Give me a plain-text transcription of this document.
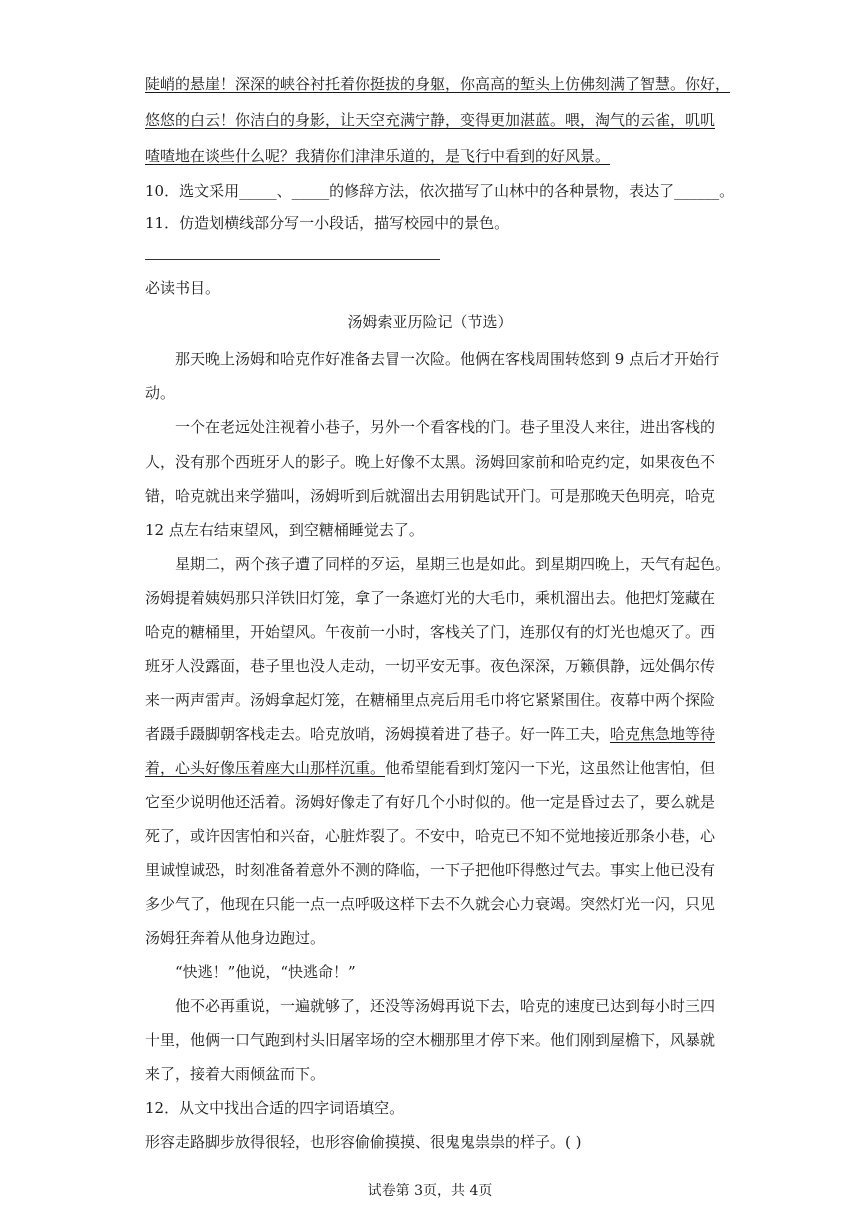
陡峭的悬崖！深深的峡谷衬托着你挺拔的身躯，你高高的堑头上仿佛刻满了智慧。你好，
悠悠的白云！你洁白的身影，让天空充满宁静，变得更加湛蓝。喂，淘气的云雀，叽叽
喳喳地在谈些什么呢？我猜你们津津乐道的，是飞行中看到的好风景。
10．选文采用_____、_____的修辞方法，依次描写了山林中的各种景物，表达了______。
11．仿造划横线部分写一小段话，描写校园中的景色。
必读书目。
汤姆索亚历险记（节选）
那天晚上汤姆和哈克作好准备去冒一次险。他俩在客栈周围转悠到 9 点后才开始行
动。
一个在老远处注视着小巷子，另外一个看客栈的门。巷子里没人来往，进出客栈的
人，没有那个西班牙人的影子。晚上好像不太黑。汤姆回家前和哈克约定，如果夜色不
错，哈克就出来学猫叫，汤姆听到后就溜出去用钥匙试开门。可是那晚天色明亮，哈克
12 点左右结束望风，到空糖桶睡觉去了。
星期二，两个孩子遭了同样的歹运，星期三也是如此。到星期四晚上，天气有起色。
汤姆提着姨妈那只洋铁旧灯笼，拿了一条遮灯光的大毛巾，乘机溜出去。他把灯笼藏在
哈克的糖桶里，开始望风。午夜前一小时，客栈关了门，连那仅有的灯光也熄灭了。西
班牙人没露面，巷子里也没人走动，一切平安无事。夜色深深，万籁俱静，远处偶尔传
来一两声雷声。汤姆拿起灯笼，在糖桶里点亮后用毛巾将它紧紧围住。夜幕中两个探险
者蹑手蹑脚朝客栈走去。哈克放哨，汤姆摸着进了巷子。好一阵工夫，哈克焦急地等待
着，心头好像压着座大山那样沉重。他希望能看到灯笼闪一下光，这虽然让他害怕，但
它至少说明他还活着。汤姆好像走了有好几个小时似的。他一定是昏过去了，要么就是
死了，或许因害怕和兴奋，心脏炸裂了。不安中，哈克已不知不觉地接近那条小巷，心
里诚惶诚恐，时刻准备着意外不测的降临，一下子把他吓得憋过气去。事实上他已没有
多少气了，他现在只能一点一点呼吸这样下去不久就会心力衰竭。突然灯光一闪，只见
汤姆狂奔着从他身边跑过。
“快逃！”他说，“快逃命！”
他不必再重说，一遍就够了，还没等汤姆再说下去，哈克的速度已达到每小时三四
十里，他俩一口气跑到村头旧屠宰场的空木棚那里才停下来。他们刚到屋檐下，风暴就
来了，接着大雨倾盆而下。
12．从文中找出合适的四字词语填空。
形容走路脚步放得很轻，也形容偷偷摸摸、很鬼鬼祟祟的样子。( )
试卷第 3页，共 4页
